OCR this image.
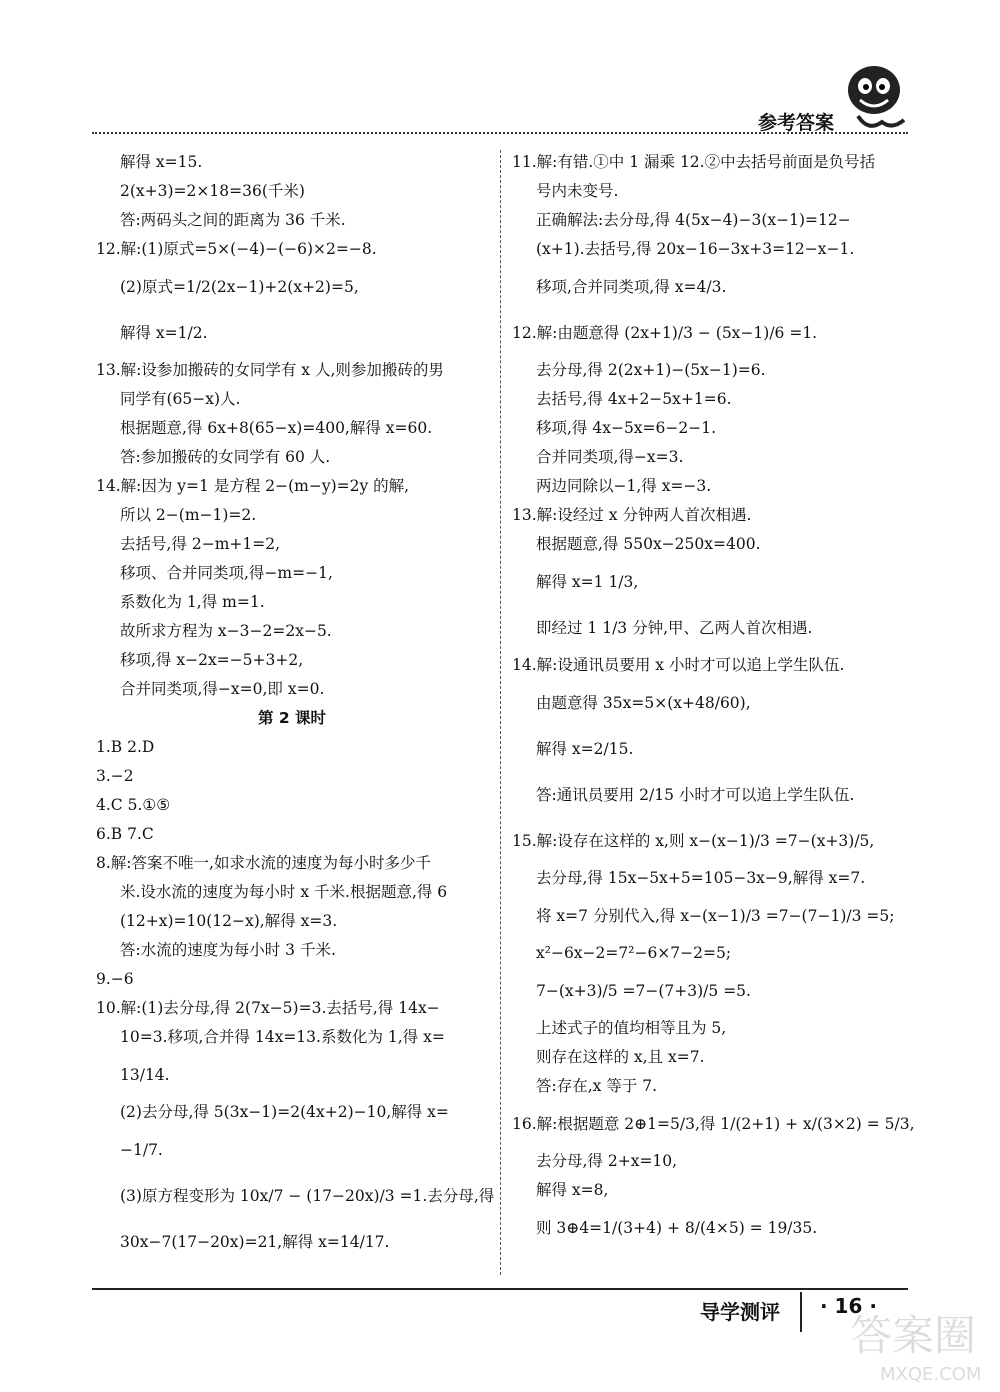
参考答案
解得 x=15.
2(x+3)=2×18=36(千米)
答:两码头之间的距离为 36 千米.
12.解:(1)原式=5×(−4)−(−6)×2=−8.
(2)原式=1/2(2x−1)+2(x+2)=5,
解得 x=1/2.
13.解:设参加搬砖的女同学有 x 人,则参加搬砖的男
同学有(65−x)人.
根据题意,得 6x+8(65−x)=400,解得 x=60.
答:参加搬砖的女同学有 60 人.
14.解:因为 y=1 是方程 2−(m−y)=2y 的解,
所以 2−(m−1)=2.
去括号,得 2−m+1=2,
移项、合并同类项,得−m=−1,
系数化为 1,得 m=1.
故所求方程为 x−3−2=2x−5.
移项,得 x−2x=−5+3+2,
合并同类项,得−x=0,即 x=0.
第 2 课时
1.B 2.D
3.−2
4.C 5.①⑤
6.B 7.C
8.解:答案不唯一,如求水流的速度为每小时多少千
米.设水流的速度为每小时 x 千米.根据题意,得 6
(12+x)=10(12−x),解得 x=3.
答:水流的速度为每小时 3 千米.
9.−6
10.解:(1)去分母,得 2(7x−5)=3.去括号,得 14x−
10=3.移项,合并得 14x=13.系数化为 1,得 x=
13/14.
(2)去分母,得 5(3x−1)=2(4x+2)−10,解得 x=
−1/7.
(3)原方程变形为 10x/7 − (17−20x)/3 =1.去分母,得
30x−7(17−20x)=21,解得 x=14/17.
11.解:有错.①中 1 漏乘 12.②中去括号前面是负号括
号内未变号.
正确解法:去分母,得 4(5x−4)−3(x−1)=12−
(x+1).去括号,得 20x−16−3x+3=12−x−1.
移项,合并同类项,得 x=4/3.
12.解:由题意得 (2x+1)/3 − (5x−1)/6 =1.
去分母,得 2(2x+1)−(5x−1)=6.
去括号,得 4x+2−5x+1=6.
移项,得 4x−5x=6−2−1.
合并同类项,得−x=3.
两边同除以−1,得 x=−3.
13.解:设经过 x 分钟两人首次相遇.
根据题意,得 550x−250x=400.
解得 x=1 1/3,
即经过 1 1/3 分钟,甲、乙两人首次相遇.
14.解:设通讯员要用 x 小时才可以追上学生队伍.
由题意得 35x=5×(x+48/60),
解得 x=2/15.
答:通讯员要用 2/15 小时才可以追上学生队伍.
15.解:设存在这样的 x,则 x−(x−1)/3 =7−(x+3)/5,
去分母,得 15x−5x+5=105−3x−9,解得 x=7.
将 x=7 分别代入,得 x−(x−1)/3 =7−(7−1)/3 =5;
x²−6x−2=7²−6×7−2=5;
7−(x+3)/5 =7−(7+3)/5 =5.
上述式子的值均相等且为 5,
则存在这样的 x,且 x=7.
答:存在,x 等于 7.
16.解:根据题意 2⊕1=5/3,得 1/(2+1) + x/(3×2) = 5/3,
去分母,得 2+x=10,
解得 x=8,
则 3⊕4=1/(3+4) + 8/(4×5) = 19/35.
导学测评 · 16 ·
答案圈
MXQE.COM
